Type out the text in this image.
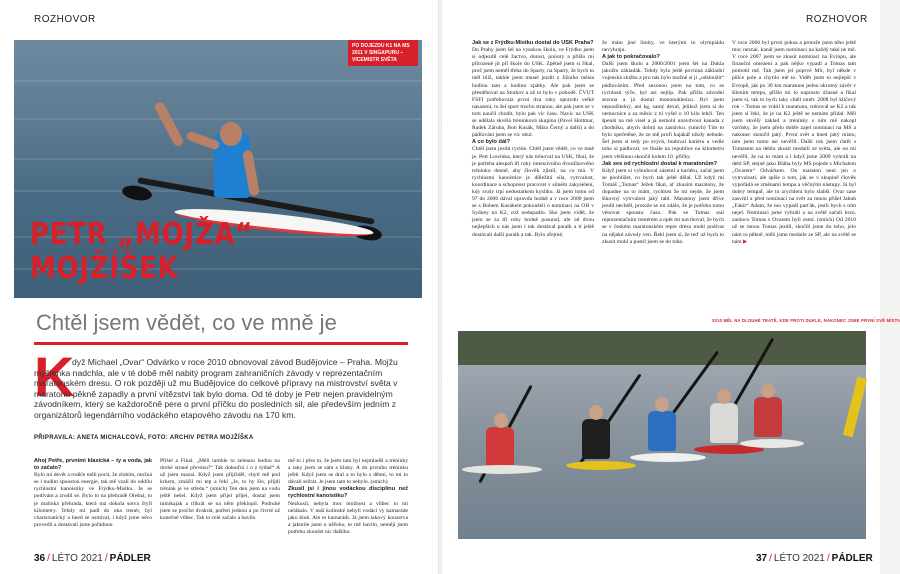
ROZHOVOR
PO DOJEZDU K1 NA MS 2011 V SINGAPURU – VICEMISTR SVĚTA
PETR „MOJŽA“
MOJŽÍŠEK
Chtěl jsem vědět, co ve mně je
K
dyž Michael „Ovar“ Odvárko v roce 2010 obnovoval závod Budějovice – Praha. Mojžu myšlenka nadchla, ale v té době měl nabitý program zahraničních závody v reprezentačním maratonském dresu. O rok později už mu Budějovice do celkové přípravy na mistrovství světa v maratonu pěkně zapadly a první vítězství tak bylo doma. Od té doby je Petr nejen pravidelným závodníkem, který se každoročně pere o první příčku do posledních sil, ale především jedním z organizátorů legendárního vodáckého etapového závodu na 170 km.
PŘIPRAVILA: ANETA MICHALCOVÁ, FOTO: ARCHIV PETRA MOJŽÍŠKA
Ahoj Petře, prvními klasická – ty a voda, jak to začalo?
Bylo mi devět a rodiče měli pocit, že zlobím, možná se i nudím spoustou energie, tak mě vzali do oddílu rychlostní kanoistiky ve Frýdku-Místku. Je se podívám a zrodil se. Bylo to na přehradě Olešná, to je malinká přehrada, která má dokola sotva čtyři kilometry. Tehdy mi padl do oka trenér, byl charismatický a hned se usmíval, i když jsme něco provedli a dostávali jsme pořádnou
Přišel a Fikal. „Měli tamhle to zelenou budou no drobé strané převézu?“ Tak dohoďní i o z týdně“ A už jsem mazal. Když jsem přijížděl, chytl mě pod krkem, zmáčil mi tep a řekl „Je, to by šlo, přijdi trénink je ve středu.“ (smích) Ten den jsem na vodu ještě nešel. Když jsem přijel přijel, dostal jsem minikajak a třikrát se na něm překlopil. Podruhé jsem se pročíst dvakrát, potřetí jednou a po čtvrté už konečně vůbec. Tak to celé začalo a bavilo
mě to i přes to, že jsem tam byl nejmladší a tréninky a taky jsem se sám s kluky. A do prvního tréninku ještě. Když jsem se dral a to bylo s dětmi, to mi to dávali sežrat. Je jsem tam to nebylo. (smích)
Zkusil jsi i jinou vodáckou disciplínu než rychlostní kanoistiku?
Nezkusil, nebyla moc možnost a vůbec to mi nelákalo. V naší kolínské nebyli vodáci vy kamaráde jako kluk. Ale to kamarádi. Já jsem takový konzerva a jakmile jsem u něčeho, to mě bavilo, nemějí jsem potřebu zkoušet nic dalšího.
36 / LÉTO 2021 / PÁDLER
ROZHOVOR
Jak se z Frýdku-Místku dostal do USK Praha?
Do Prahy jsem šel na vysokou školu, ve Frýdku jsem si odjezdil celé žactvo, dorost, juniory a přišlo mi přirozené jít při škole do USK. Zpětně jsem si říkal, proč jsem neměl třeba do Sparty, na Sparty, že bych to měl blíž, takhle jsem musel jezdit z Jižního města hodinu tam a hodinu zpátky. Ale pak jsem se přestěhoval na Strahov a už to bylo v pohodě. ČVUT FSFI potřebovala první dva roky opravdu velké nasazení, to šel sport trochu stranou, ale pak jsem se v tom naučil chodit, bylo pak víc času. Navíc na USK se udělala skvělá tréninková skupina (Pavel Hottmar, Radek Záruba, Bob Kusák, Mára Černý a další) a do pádlování jsem se víc obul.
A co bylo dál?
Chtěl jsem jezdit rychle. Chtěl jsem vědět, co ve mně je. Petr Lowinka, který nás trénoval na USK, říkal, že je potřeba alespoň tři roky intenzivního dvoufázového tréninku denně, aby člověk zjistil, na co má. V rychlostní kanoistice je důležitá síla, vytrvalost, koordinace a schopnost pracovat v silném zakyselení, kdy svaly trpí nedostatkem kyslíku. Já jsem tomu od 97 do 2000 dával opravdu hodně a v roce 2000 jsem se s Bobem Kusákem pokoušeli o nominaci na OH v Sydney na K2, což nedopadlo. Ske jsem vidět, že jsem se za tři roky hodně posunul, ale od dvou nejlepších u nás jsem i tak dostával paralk a tí ještě dostávali další paralk a tak. Bylo zřejmé,
že mám jiné limity, ve kterými to olympiádu nevyhraju.
A jak to pokračovalo?
Další jsem školu a 2000/2001 jsem šel na Dukla jakožto základák. Tehdy byla ještě povinná základní vojenská služba a pro nás bylo možné si jí „odsloužit“ pádlováním. Před sezonou jsem na tom, co se rychlostí týče, byl asi nejlíp. Pak přišla závodní sezona a já dostal mononukleózu. Byl jsem nepoužitelný, ani kg, samý deval, jelikož jsem si do nemocnice a za měsíc z ní vyšel o 10 kilo lehčí. Ten špenát na mě visel a já nemohl unavdvout kanada z chodníku, abych dobrá na zastávku. (smích) Tím to bylo zpečetěné, že ze mě profi kajakář nikdy nebude. Šel jsem si tedy po svých, budoval kariéru a vedle toho si pádloval, ve finále na republice na kilometru jsem většinou skončil kolem 10. příčky.
Jak ses od rychlostní dostal k maratonům?
Když jsem si vybudoval zázemí a kariéru, začal jsem se poohlížet, co bych tak ještě dělal. Už když mi Tomáš „Tomas“ Ježek říkal, ať zkusím maratony, že dopadne na to mám, rychlost že mi nejde, že jsem šikovný vytrvalost jaký tabl. Maratony jsem dříve jezdil nechtěl, protože se mi zdálo, že je potřeba tomu věnovat spoustu času. Pak se Tomas stal reprezentačním trenérem a opět mi navrhoval, že bych se v českém maratonském repre dresu mohl podívat na nějaké závody ven. Řekl jsem si, že teď už bych to zkusit mohl a pustil jsem se do toho.
V roce 2006 byl první pokus a protože jsem tého ještě moc neznal, kanál jsem nominaci na každý také ne mě. V roce 2007 jsem se zkusit nominaci na Evropu, ale finanční omezení a pak nějko vypadl a Tomas tam pomohl mě. Tak jsem jel poprvé MS, byl někde v půlce pole a chytilo mě to. Vidět jsem to nejlepší v Evropě, jak po 30 km maratonu jedou ukrutný závěr v šílením tempu, přišlo mi to naprosto úžasné a říkal jsem si, tak to bych taky chtěl umět. 2008 byl klíčový rok – Tomas se vrátil k maratonu, trénoval se K2 a tak jsem si řekl, že je na K2 ještě se nemám přidal. Měl jsem skvělý zaklad a trénínky s ním mě nakopl vzrůsky, že jsem přelo dobře zajel nominaci na MS a nakonec skončil pátý. První svět a hned pátý místo, tam jsem tomu asi nevěřil. Další rok jsem chtěl s Tomasem na deblu zkusit medaili ze světa, ale on mi nevěřil, že na to mám a i když jsme 2009 vyhráli na debl SP, stejně jako Bláha byly MS pojede s Michalem „Ovarem“ Odvárkem. On maraton neni jen o vytrvalosti, ale spíše o tom, jak se v skupině člověk vypořádá se změnami tempa a věčnými nástupy. Já byl dobrý tempař, ale to zrychlení bylo slabší. Ovar zase zasvítil a před nominací na svět za mnou přišel Jakub „Fakír“ Adam, že mu vypadl parťák, jestli bych s ním nejel. Nominaci jsme vyhráli a na světě začali brzo, zaútoco Tomas s Ovarem byli osmí. (smích) Od 2010 už se mnou Tomas jezdil, skočili jsme do toho, jelo nám to pěkně, měli jsme medaile ze SP, ale na světě se nám ▶
2010 MĚL NA DLOUHÉ TRATĚ, KDE PROTI DUKLE, NAKONEC JSME PRVNÍ SVĚ MÍSTA
37 / LÉTO 2021 / PÁDLER
